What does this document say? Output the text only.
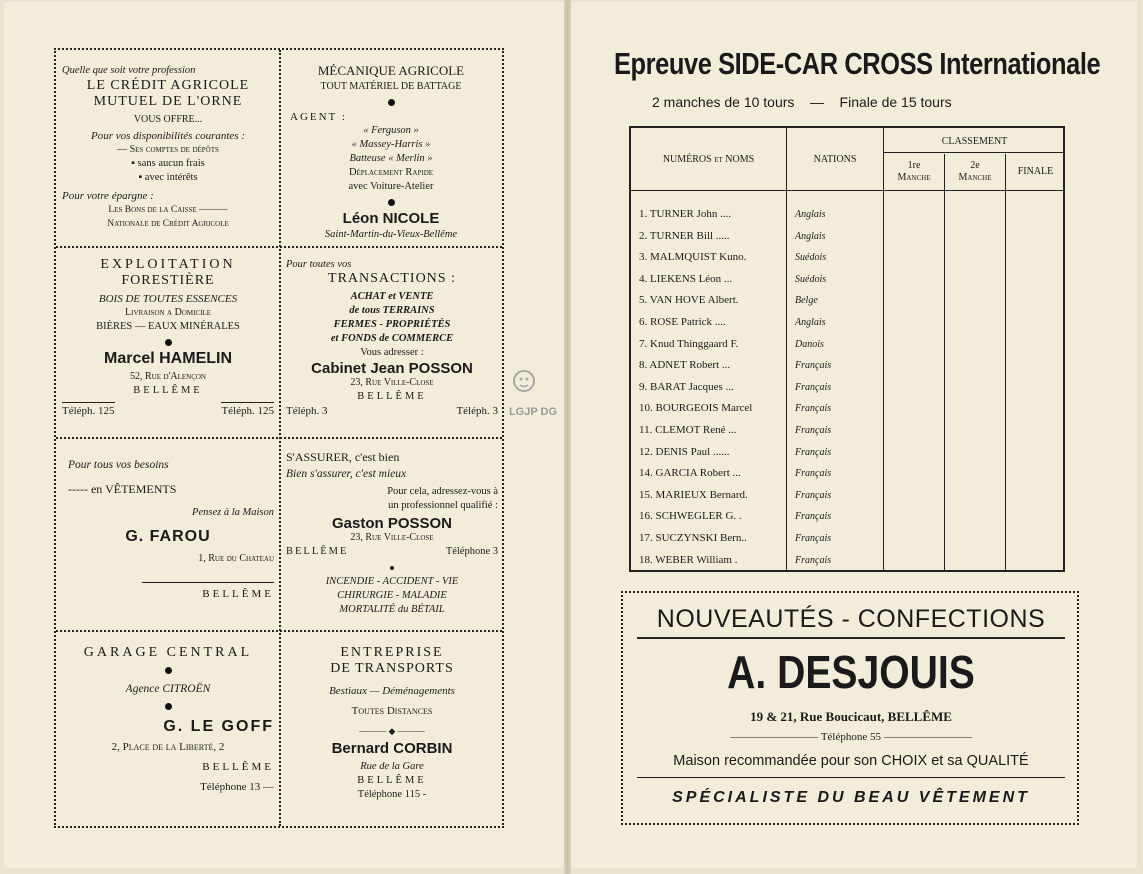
Quelle que soit votre profession
LE CRÉDIT AGRICOLE
MUTUEL DE L'ORNE
VOUS OFFRE...
Pour vos disponibilités courantes :
— Ses comptes de dépôts
▪ sans aucun frais
▪ avec intérêts
Pour votre épargne :
Les Bons de la Caisse ———
Nationale de Crédit Agricole
MÉCANIQUE AGRICOLE
TOUT MATÉRIEL DE BATTAGE
AGENT :
« Ferguson »
« Massey-Harris »
Batteuse « Merlin »
Déplacement Rapide
avec Voiture-Atelier
Léon NICOLE
Saint-Martin-du-Vieux-Bellême
EXPLOITATION
FORESTIÈRE
BOIS DE TOUTES ESSENCES
Livraison a Domicile
BIÈRES — EAUX MINÉRALES
Marcel HAMELIN
52, Rue d'Alençon
BELLÊME
Téléph. 125	Téléph. 125
Pour toutes vos
TRANSACTIONS :
ACHAT et VENTE
de tous TERRAINS
FERMES - PROPRIÉTÉS
et FONDS de COMMERCE
Vous adresser :
Cabinet Jean POSSON
23, Rue Ville-Close
BELLÊME
Téléph. 3	Téléph. 3
Pour tous vos besoins
----- en VÊTEMENTS
Pensez à la Maison
G. FAROU
1, Rue du Chateau
BELLÊME
S'ASSURER, c'est bien
Bien s'assurer, c'est mieux
Pour cela, adressez-vous à
un professionnel qualifié :
Gaston POSSON
23, Rue Ville-Close
BELLÊME	Téléphone 3
INCENDIE - ACCIDENT - VIE
CHIRURGIE - MALADIE
MORTALITÉ du BÉTAIL
GARAGE CENTRAL
Agence CITROËN
G. LE GOFF
2, Place de la Liberté, 2
BELLÊME
Téléphone 13 —
ENTREPRISE
DE TRANSPORTS
Bestiaux — Déménagements
Toutes Distances
——— ◆ ———
Bernard CORBIN
Rue de la Gare
BELLÊME
Téléphone 115 -
LGJP DG
Epreuve SIDE-CAR CROSS Internationale
2 manches de 10 tours — Finale de 15 tours
NUMÉROS et NOMS	NATIONS
CLASSEMENT
1re
Manche
2e
Manche
FINALE
1. TURNER John ....	Anglais
2. TURNER Bill .....	Anglais
3. MALMQUIST Kuno.	Suédois
4. LIEKENS Léon ...	Suédois
5. VAN HOVE Albert.	Belge
6. ROSE Patrick ....	Anglais
7. Knud Thinggaard F.	Danois
8. ADNET Robert ...	Français
9. BARAT Jacques ...	Français
10. BOURGEOIS Marcel	Français
11. CLEMOT René ...	Français
12. DENIS Paul ......	Français
14. GARCIA Robert ...	Français
15. MARIEUX Bernard.	Français
16. SCHWEGLER G. .	Français
17. SUCZYNSKI Bern..	Français
18. WEBER William .	Français
NOUVEAUTÉS - CONFECTIONS
A. DESJOUIS
19 & 21, Rue Boucicaut, BELLÊME
———————— Téléphone 55 ————————
Maison recommandée pour son CHOIX et sa QUALITÉ
SPÉCIALISTE DU BEAU VÊTEMENT
